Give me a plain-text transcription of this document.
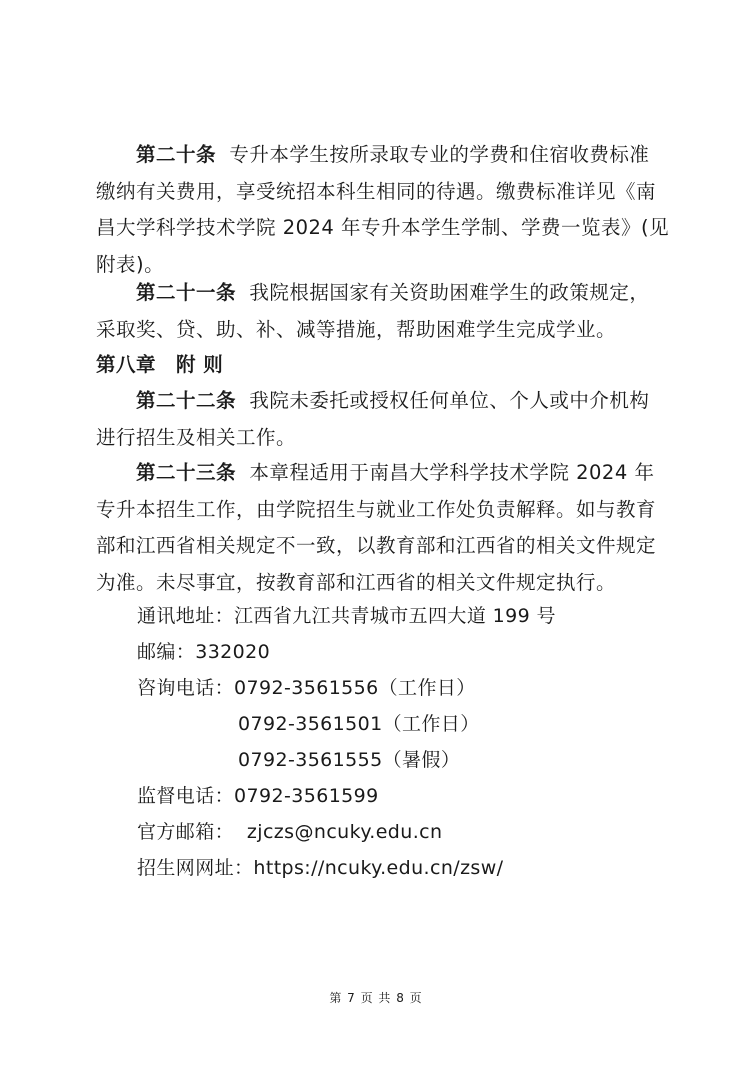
第二十条 专升本学生按所录取专业的学费和住宿收费标准
缴纳有关费用，享受统招本科生相同的待遇。缴费标准详见《南
昌大学科学技术学院 2024 年专升本学生学制、学费一览表》(见
附表)。
第二十一条 我院根据国家有关资助困难学生的政策规定，
采取奖、贷、助、补、减等措施，帮助困难学生完成学业。
第八章　附 则
第二十二条 我院未委托或授权任何单位、个人或中介机构
进行招生及相关工作。
第二十三条 本章程适用于南昌大学科学技术学院 2024 年
专升本招生工作，由学院招生与就业工作处负责解释。如与教育
部和江西省相关规定不一致，以教育部和江西省的相关文件规定
为准。未尽事宜，按教育部和江西省的相关文件规定执行。
通讯地址：江西省九江共青城市五四大道 199 号
邮编：332020
咨询电话：0792-3561556（工作日）
0792-3561501（工作日）
0792-3561555（暑假）
监督电话：0792-3561599
官方邮箱： zjczs@ncuky.edu.cn
招生网网址：https://ncuky.edu.cn/zsw/
第 7 页 共 8 页
